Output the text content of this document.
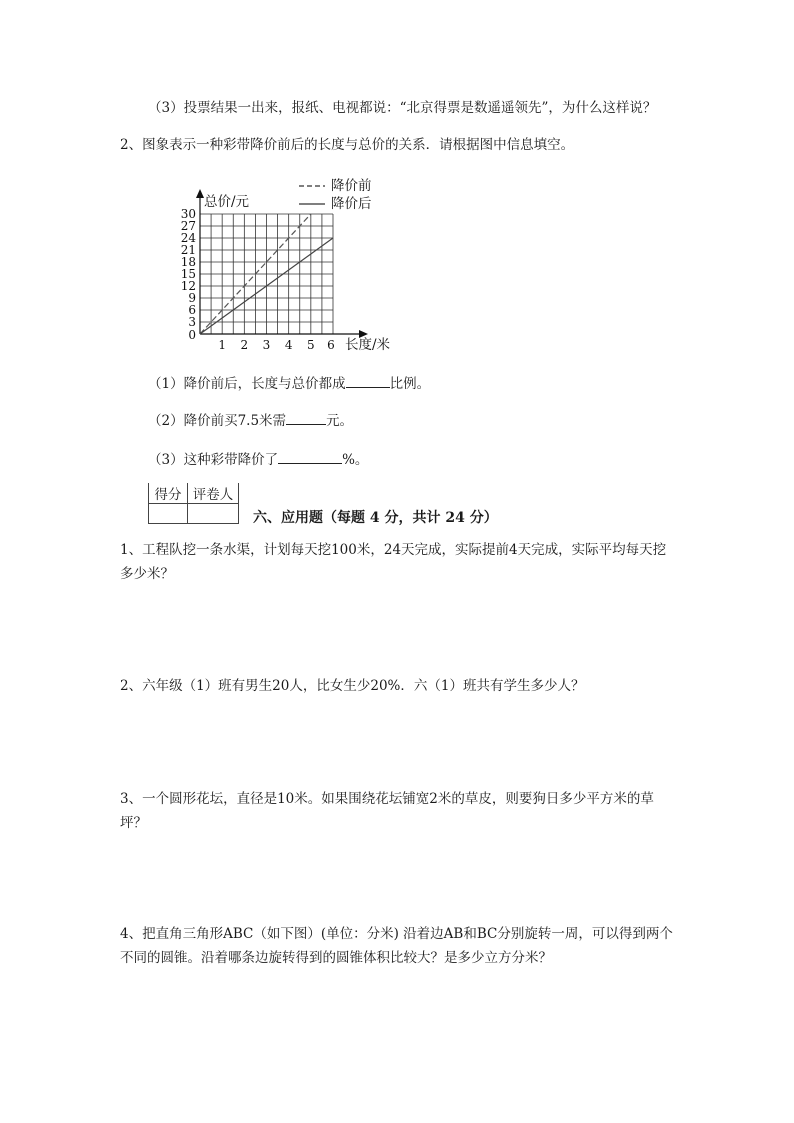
（3）投票结果一出来，报纸、电视都说：“北京得票是数遥遥领先”，为什么这样说？
2、图象表示一种彩带降价前后的长度与总价的关系．请根据图中信息填空。
0
3
6
9
12
15
18
21
24
27
30
1 2 3 4 5 6
总价/元
长度/米
降价前
降价后
（1）降价前后，长度与总价都成	比例。
（2）降价前买7.5米需	元。
（3）这种彩带降价了	%。
得分	评卷人

六、应用题（每题 4 分，共计 24 分）
1、工程队挖一条水渠，计划每天挖100米，24天完成，实际提前4天完成，实际平均每天挖
多少米？
2、六年级（1）班有男生20人，比女生少20%．六（1）班共有学生多少人？
3、一个圆形花坛，直径是10米。如果围绕花坛铺宽2米的草皮，则要狗日多少平方米的草
坪？
4、把直角三角形ABC（如下图）(单位：分米) 沿着边AB和BC分别旋转一周，可以得到两个
不同的圆锥。沿着哪条边旋转得到的圆锥体积比较大？是多少立方分米？
